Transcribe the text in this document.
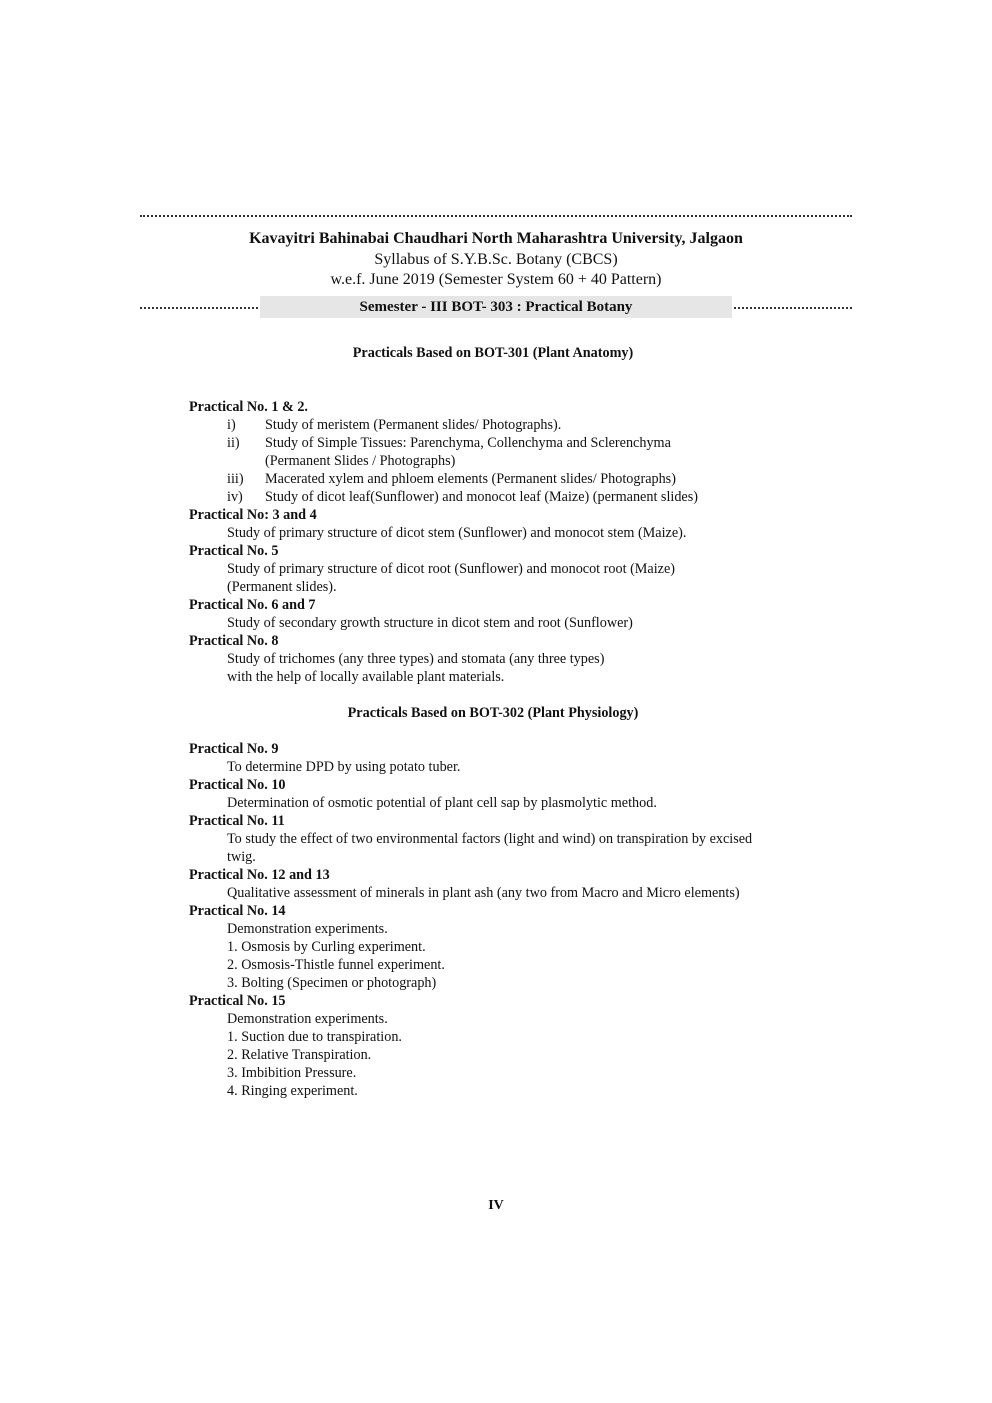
Kavayitri Bahinabai Chaudhari North Maharashtra University, Jalgaon
Syllabus of S.Y.B.Sc. Botany (CBCS)
w.e.f. June 2019 (Semester System 60 + 40 Pattern)
Semester - III BOT- 303 : Practical Botany
Practicals Based on BOT-301 (Plant Anatomy)
Practical No. 1 & 2.
i)	Study of meristem (Permanent slides/ Photographs).
ii)	Study of Simple Tissues: Parenchyma, Collenchyma and Sclerenchyma
(Permanent Slides / Photographs)
iii)	Macerated xylem and phloem elements (Permanent slides/ Photographs)
iv)	Study of dicot leaf(Sunflower) and monocot leaf (Maize) (permanent slides)
Practical No: 3 and 4
Study of primary structure of dicot stem (Sunflower) and monocot stem (Maize).
Practical No. 5
Study of primary structure of dicot root (Sunflower) and monocot root (Maize)
(Permanent slides).
Practical No. 6 and 7
Study of secondary growth structure in dicot stem and root (Sunflower)
Practical No. 8
Study of trichomes (any three types) and stomata (any three types)
with the help of locally available plant materials.
Practicals Based on BOT-302 (Plant Physiology)
Practical No. 9
To determine DPD by using potato tuber.
Practical No. 10
Determination of osmotic potential of plant cell sap by plasmolytic method.
Practical No. 11
To study the effect of two environmental factors (light and wind) on transpiration by excised
twig.
Practical No. 12 and 13
Qualitative assessment of minerals in plant ash (any two from Macro and Micro elements)
Practical No. 14
Demonstration experiments.
1. Osmosis by Curling experiment.
2. Osmosis-Thistle funnel experiment.
3. Bolting (Specimen or photograph)
Practical No. 15
Demonstration experiments.
1. Suction due to transpiration.
2. Relative Transpiration.
3. Imbibition Pressure.
4. Ringing experiment.
IV
